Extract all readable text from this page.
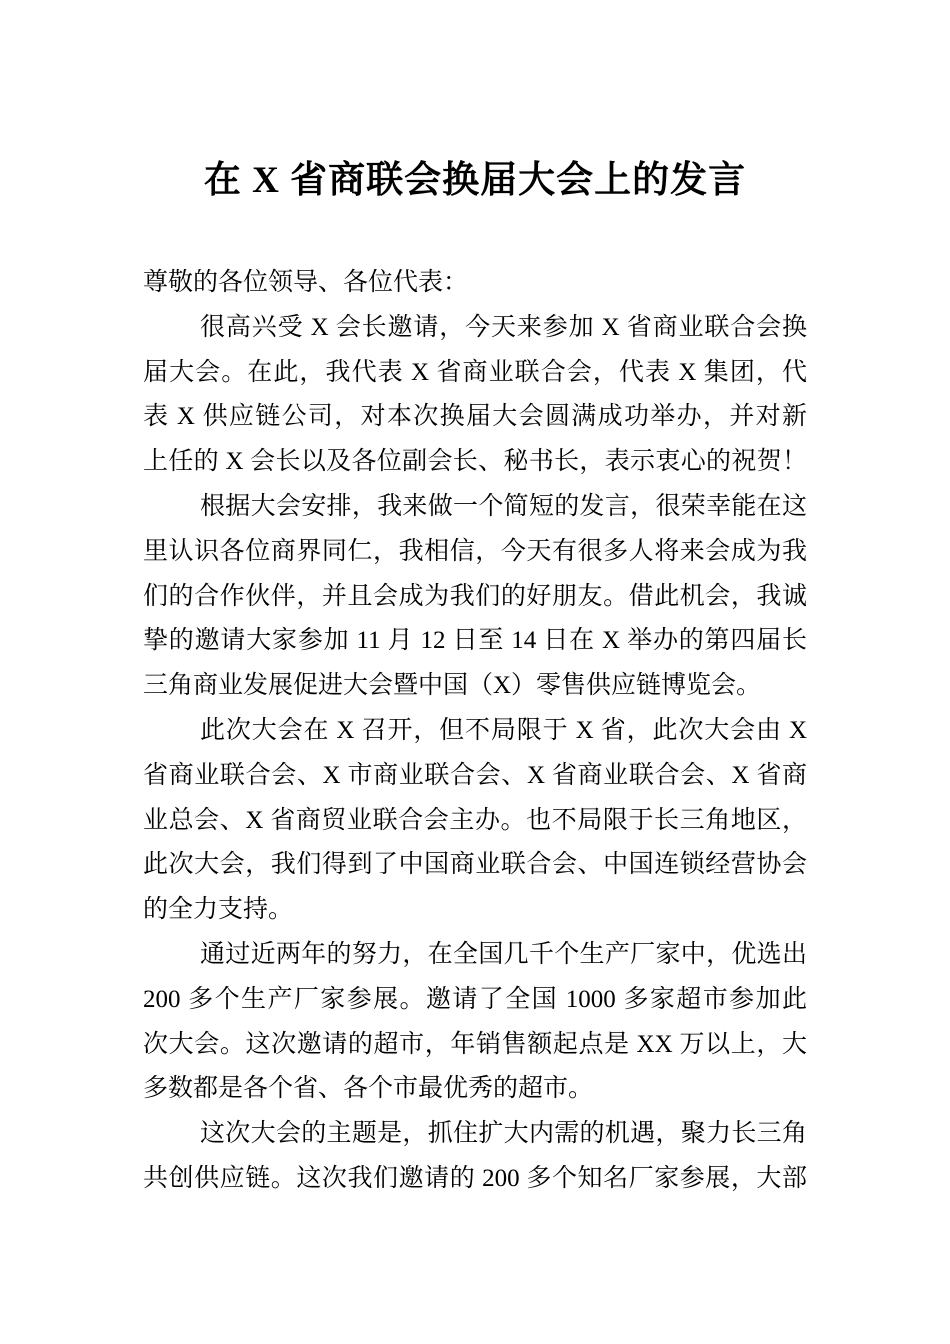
在 X 省商联会换届大会上的发言
尊敬的各位领导、各位代表：
很高兴受 X 会长邀请，今天来参加 X 省商业联合会换
届大会。在此，我代表 X 省商业联合会，代表 X 集团，代
表 X 供应链公司，对本次换届大会圆满成功举办，并对新
上任的 X 会长以及各位副会长、秘书长，表示衷心的祝贺！
根据大会安排，我来做一个简短的发言，很荣幸能在这
里认识各位商界同仁，我相信，今天有很多人将来会成为我
们的合作伙伴，并且会成为我们的好朋友。借此机会，我诚
挚的邀请大家参加 11 月 12 日至 14 日在 X 举办的第四届长
三角商业发展促进大会暨中国（X）零售供应链博览会。
此次大会在 X 召开，但不局限于 X 省，此次大会由 X
省商业联合会、X 市商业联合会、X 省商业联合会、X 省商
业总会、X 省商贸业联合会主办。也不局限于长三角地区，
此次大会，我们得到了中国商业联合会、中国连锁经营协会
的全力支持。
通过近两年的努力，在全国几千个生产厂家中，优选出
200 多个生产厂家参展。邀请了全国 1000 多家超市参加此
次大会。这次邀请的超市，年销售额起点是 XX 万以上，大
多数都是各个省、各个市最优秀的超市。
这次大会的主题是，抓住扩大内需的机遇，聚力长三角
共创供应链。这次我们邀请的 200 多个知名厂家参展，大部
